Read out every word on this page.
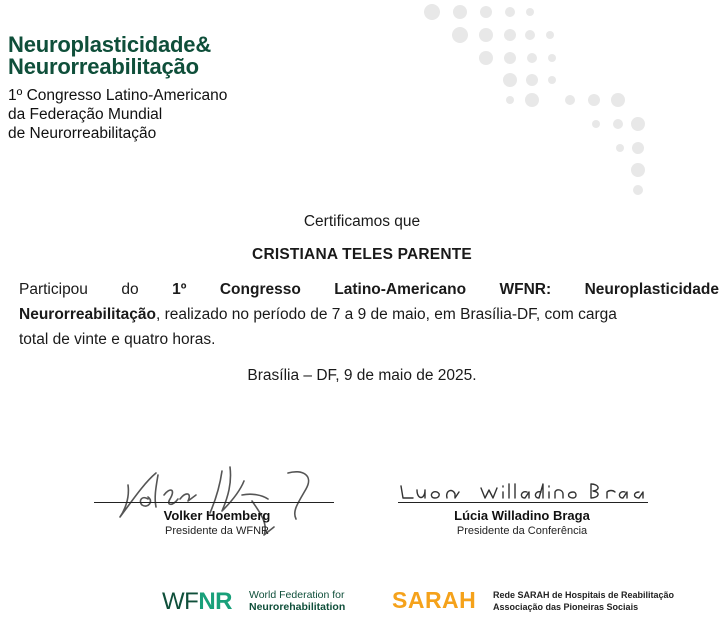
Neuroplasticidade&
Neurorreabilitação

1º Congresso Latino-Americano
da Federação Mundial
de Neurorreabilitação

Certificamos que
CRISTIANA TELES PARENTE
Participou do 1º Congresso Latino-Americano WFNR: Neuroplasticidade
Neurorreabilitação, realizado no período de 7 a 9 de maio, em Brasília-DF, com carga
total de vinte e quatro horas.
Brasília – DF, 9 de maio de 2025.
Volker Hoemberg
Presidente da WFNR
Lúcia Willadino Braga
Presidente da Conferência
WFNR World Federation for
Neurorehabilitation SARAH Rede SARAH de Hospitais de Reabilitação
Associação das Pioneiras Sociais
